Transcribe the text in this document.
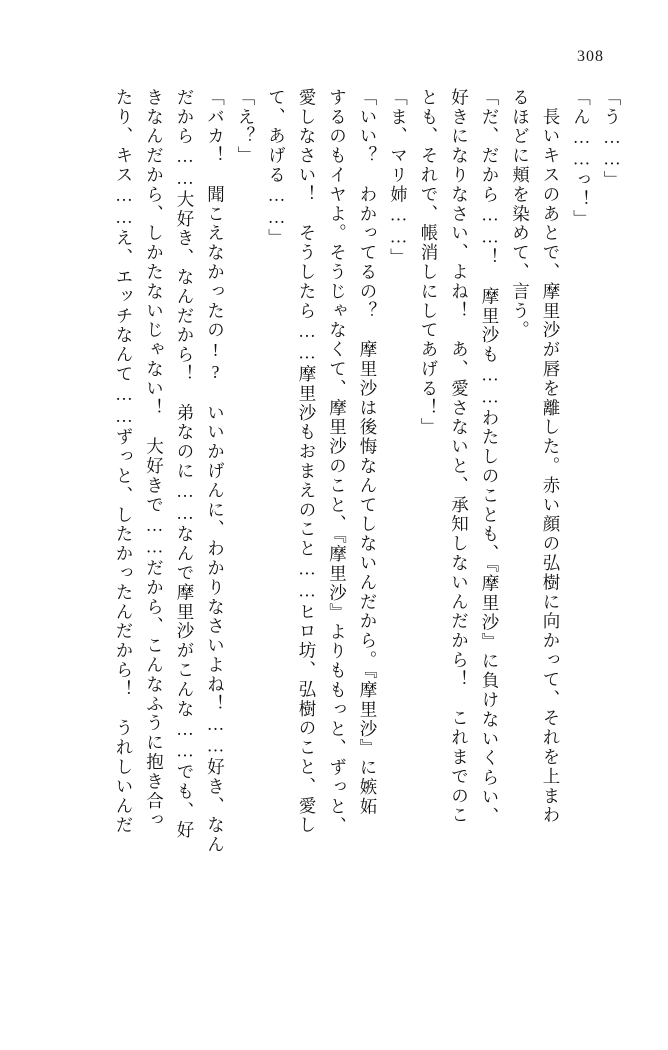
308
「う……」
「ん……っ！」
　長いキスのあとで、摩里沙が唇を離した。赤い顔の弘樹に向かって、それを上まわ
るほどに頬を染めて、言う。
「だ、だから……！　摩里沙も……わたしのことも、『摩里沙』に負けないくらい、
好きになりなさい、よね！　あ、愛さないと、承知しないんだから！　これまでのこ
とも、それで、帳消しにしてあげる！」
「ま、マリ姉……」
「いい？　わかってるの？　摩里沙は後悔なんてしないんだから。『摩里沙』に嫉妬
するのもイヤよ。そうじゃなくて、摩里沙のこと、『摩里沙』よりももっと、ずっと、
愛しなさい！　そうしたら……摩里沙もおまえのこと……ヒロ坊、弘樹のこと、愛し
て、あげる……」
「え？」
「バカ！　聞こえなかったの!?　いいかげんに、わかりなさいよね！……好き、なん
だから……大好き、なんだから！　弟なのに……なんで摩里沙がこんな……でも、好
きなんだから、しかたないじゃない！　大好きで……だから、こんなふうに抱き合っ
たり、キス……え、エッチなんて……ずっと、したかったんだから！　うれしいんだ
